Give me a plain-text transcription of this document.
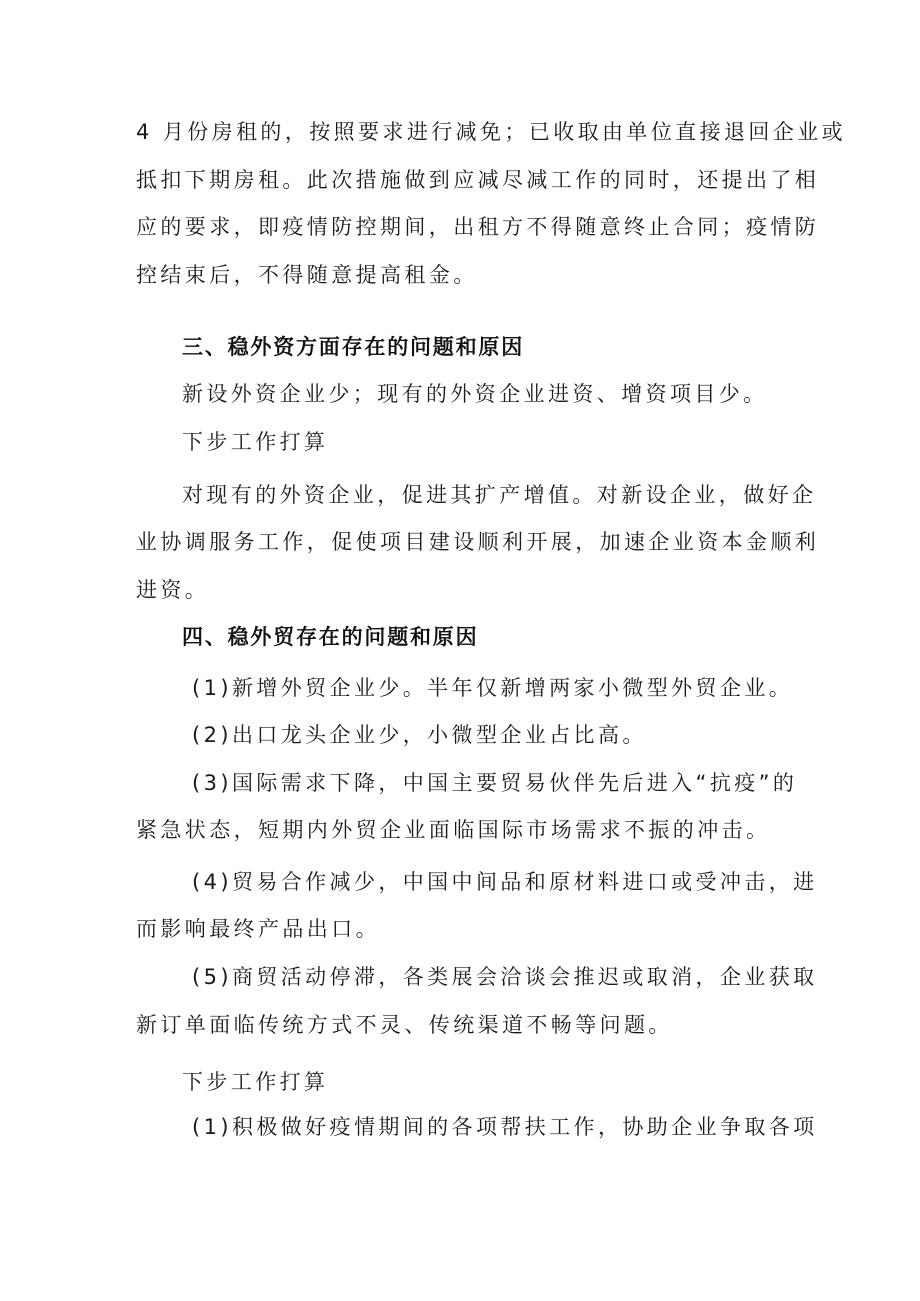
4 月份房租的，按照要求进行减免；已收取由单位直接退回企业或
抵扣下期房租。此次措施做到应减尽减工作的同时，还提出了相
应的要求，即疫情防控期间，出租方不得随意终止合同；疫情防
控结束后，不得随意提高租金。
三、稳外资方面存在的问题和原因
新设外资企业少；现有的外资企业进资、增资项目少。
下步工作打算
对现有的外资企业，促进其扩产增值。对新设企业，做好企
业协调服务工作，促使项目建设顺利开展，加速企业资本金顺利
进资。
四、稳外贸存在的问题和原因
(1)新增外贸企业少。半年仅新增两家小微型外贸企业。
(2)出口龙头企业少，小微型企业占比高。
(3)国际需求下降，中国主要贸易伙伴先后进入“抗疫”的
紧急状态，短期内外贸企业面临国际市场需求不振的冲击。
(4)贸易合作减少，中国中间品和原材料进口或受冲击，进
而影响最终产品出口。
(5)商贸活动停滞，各类展会洽谈会推迟或取消，企业获取
新订单面临传统方式不灵、传统渠道不畅等问题。
下步工作打算
(1)积极做好疫情期间的各项帮扶工作，协助企业争取各项
